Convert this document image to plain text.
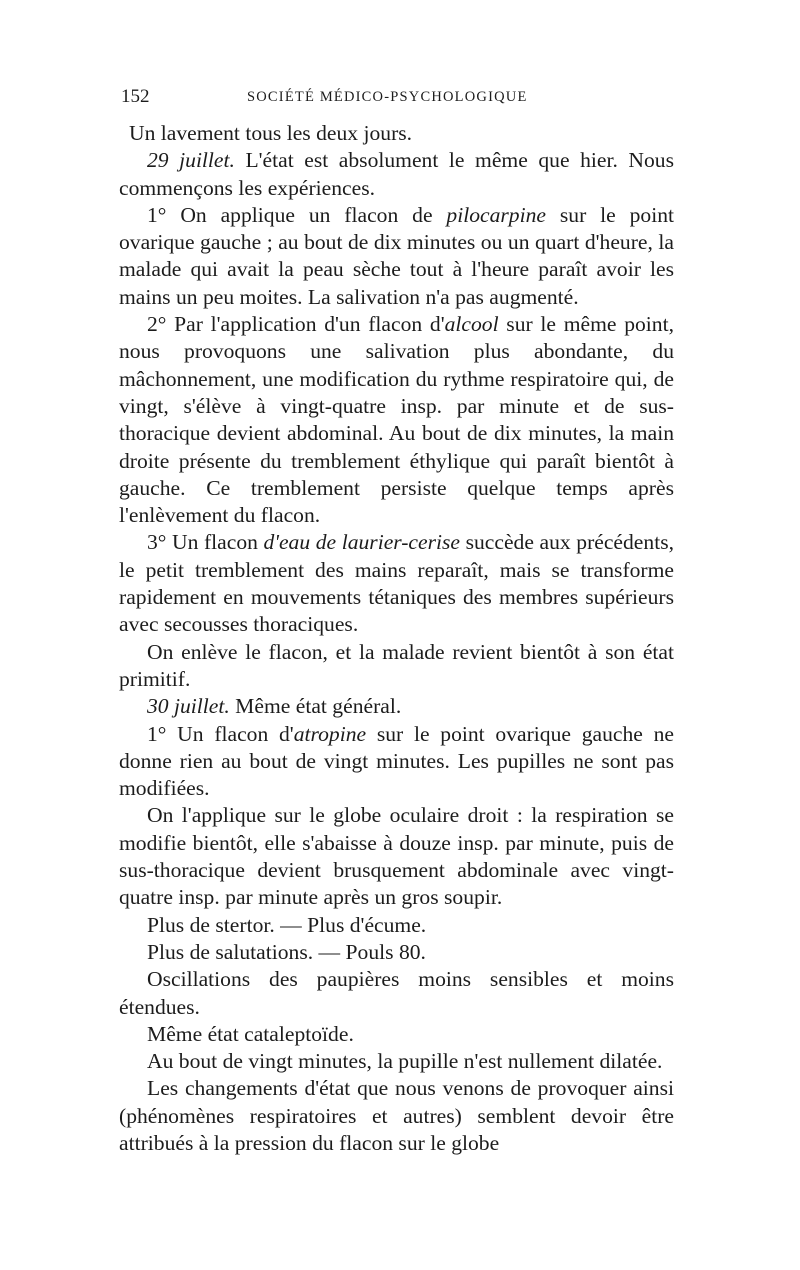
152	SOCIÉTÉ MÉDICO-PSYCHOLOGIQUE

Un lavement tous les deux jours.

29 juillet. L'état est absolument le même que hier. Nous commençons les expériences.

1° On applique un flacon de pilocarpine sur le point ovarique gauche ; au bout de dix minutes ou un quart d'heure, la malade qui avait la peau sèche tout à l'heure paraît avoir les mains un peu moites. La salivation n'a pas augmenté.

2° Par l'application d'un flacon d'alcool sur le même point, nous provoquons une salivation plus abondante, du mâchonnement, une modification du rythme respiratoire qui, de vingt, s'élève à vingt-quatre insp. par minute et de sus-thoracique devient abdominal. Au bout de dix minutes, la main droite présente du tremblement éthylique qui paraît bientôt à gauche. Ce tremblement persiste quelque temps après l'enlèvement du flacon.

3° Un flacon d'eau de laurier-cerise succède aux précédents, le petit tremblement des mains reparaît, mais se transforme rapidement en mouvements tétaniques des membres supérieurs avec secousses thoraciques.

On enlève le flacon, et la malade revient bientôt à son état primitif.

30 juillet. Même état général.

1° Un flacon d'atropine sur le point ovarique gauche ne donne rien au bout de vingt minutes. Les pupilles ne sont pas modifiées.

On l'applique sur le globe oculaire droit : la respiration se modifie bientôt, elle s'abaisse à douze insp. par minute, puis de sus-thoracique devient brusquement abdominale avec vingt-quatre insp. par minute après un gros soupir.

Plus de stertor. — Plus d'écume.

Plus de salutations. — Pouls 80.

Oscillations des paupières moins sensibles et moins étendues.

Même état cataleptoïde.

Au bout de vingt minutes, la pupille n'est nullement dilatée.

Les changements d'état que nous venons de provoquer ainsi (phénomènes respiratoires et autres) semblent devoir être attribués à la pression du flacon sur le globe
